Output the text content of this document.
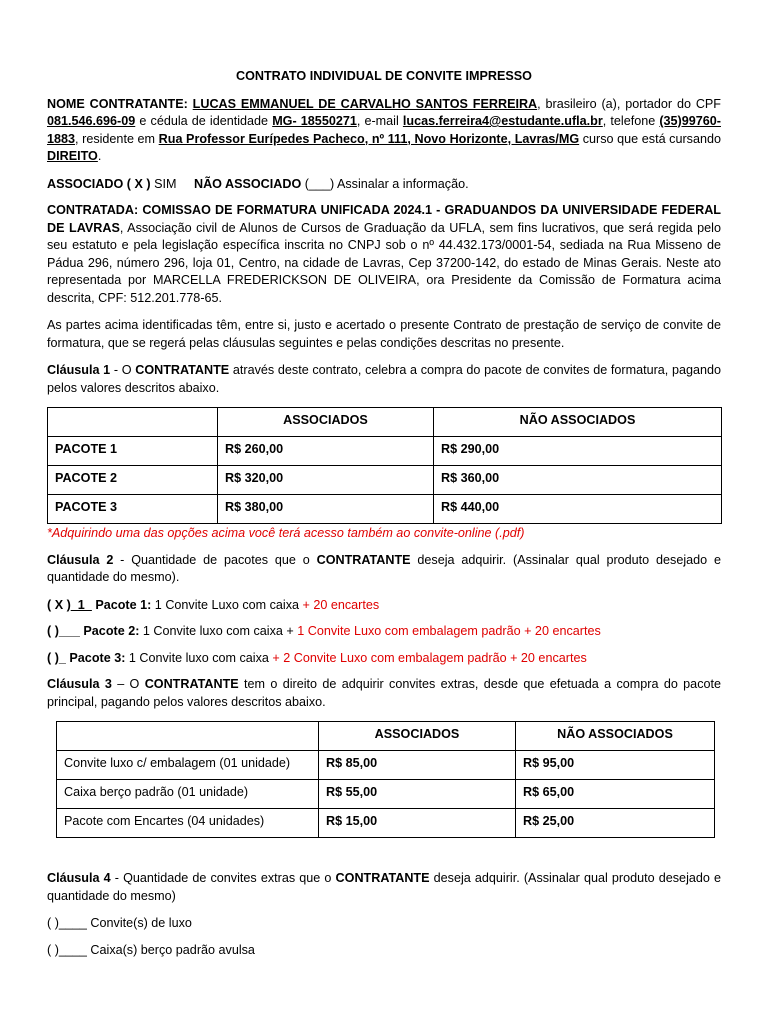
CONTRATO INDIVIDUAL DE CONVITE IMPRESSO

NOME CONTRATANTE: LUCAS EMMANUEL DE CARVALHO SANTOS FERREIRA, brasileiro (a), portador do CPF 081.546.696-09 e cédula de identidade MG- 18550271, e-mail lucas.ferreira4@estudante.ufla.br, telefone (35)99760-1883, residente em Rua Professor Eurípedes Pacheco, nº 111, Novo Horizonte, Lavras/MG curso que está cursando DIREITO.

ASSOCIADO ( X ) SIM NÃO ASSOCIADO (___) Assinalar a informação.

CONTRATADA: COMISSAO DE FORMATURA UNIFICADA 2024.1 - GRADUANDOS DA UNIVERSIDADE FEDERAL DE LAVRAS, Associação civil de Alunos de Cursos de Graduação da UFLA, sem fins lucrativos, que será regida pelo seu estatuto e pela legislação específica inscrita no CNPJ sob o nº 44.432.173/0001-54, sediada na Rua Misseno de Pádua 296, número 296, loja 01, Centro, na cidade de Lavras, Cep 37200-142, do estado de Minas Gerais. Neste ato representada por MARCELLA FREDERICKSON DE OLIVEIRA, ora Presidente da Comissão de Formatura acima descrita, CPF: 512.201.778-65.

As partes acima identificadas têm, entre si, justo e acertado o presente Contrato de prestação de serviço de convite de formatura, que se regerá pelas cláusulas seguintes e pelas condições descritas no presente.

Cláusula 1 - O CONTRATANTE através deste contrato, celebra a compra do pacote de convites de formatura, pagando pelos valores descritos abaixo.

	ASSOCIADOS	NÃO ASSOCIADOS
PACOTE 1	R$ 260,00	R$ 290,00
PACOTE 2	R$ 320,00	R$ 360,00
PACOTE 3	R$ 380,00	R$ 440,00

*Adquirindo uma das opções acima você terá acesso também ao convite-online (.pdf)

Cláusula 2 - Quantidade de pacotes que o CONTRATANTE deseja adquirir. (Assinalar qual produto desejado e quantidade do mesmo).

( X )_1_ Pacote 1: 1 Convite Luxo com caixa + 20 encartes

( )___ Pacote 2: 1 Convite luxo com caixa + 1 Convite Luxo com embalagem padrão + 20 encartes

( )_ Pacote 3: 1 Convite luxo com caixa + 2 Convite Luxo com embalagem padrão + 20 encartes

Cláusula 3 – O CONTRATANTE tem o direito de adquirir convites extras, desde que efetuada a compra do pacote principal, pagando pelos valores descritos abaixo.

	ASSOCIADOS	NÃO ASSOCIADOS
Convite luxo c/ embalagem (01 unidade)	R$ 85,00	R$ 95,00
Caixa berço padrão (01 unidade)	R$ 55,00	R$ 65,00
Pacote com Encartes (04 unidades)	R$ 15,00	R$ 25,00

Cláusula 4 - Quantidade de convites extras que o CONTRATANTE deseja adquirir. (Assinalar qual produto desejado e quantidade do mesmo)

( )____ Convite(s) de luxo

( )____ Caixa(s) berço padrão avulsa
